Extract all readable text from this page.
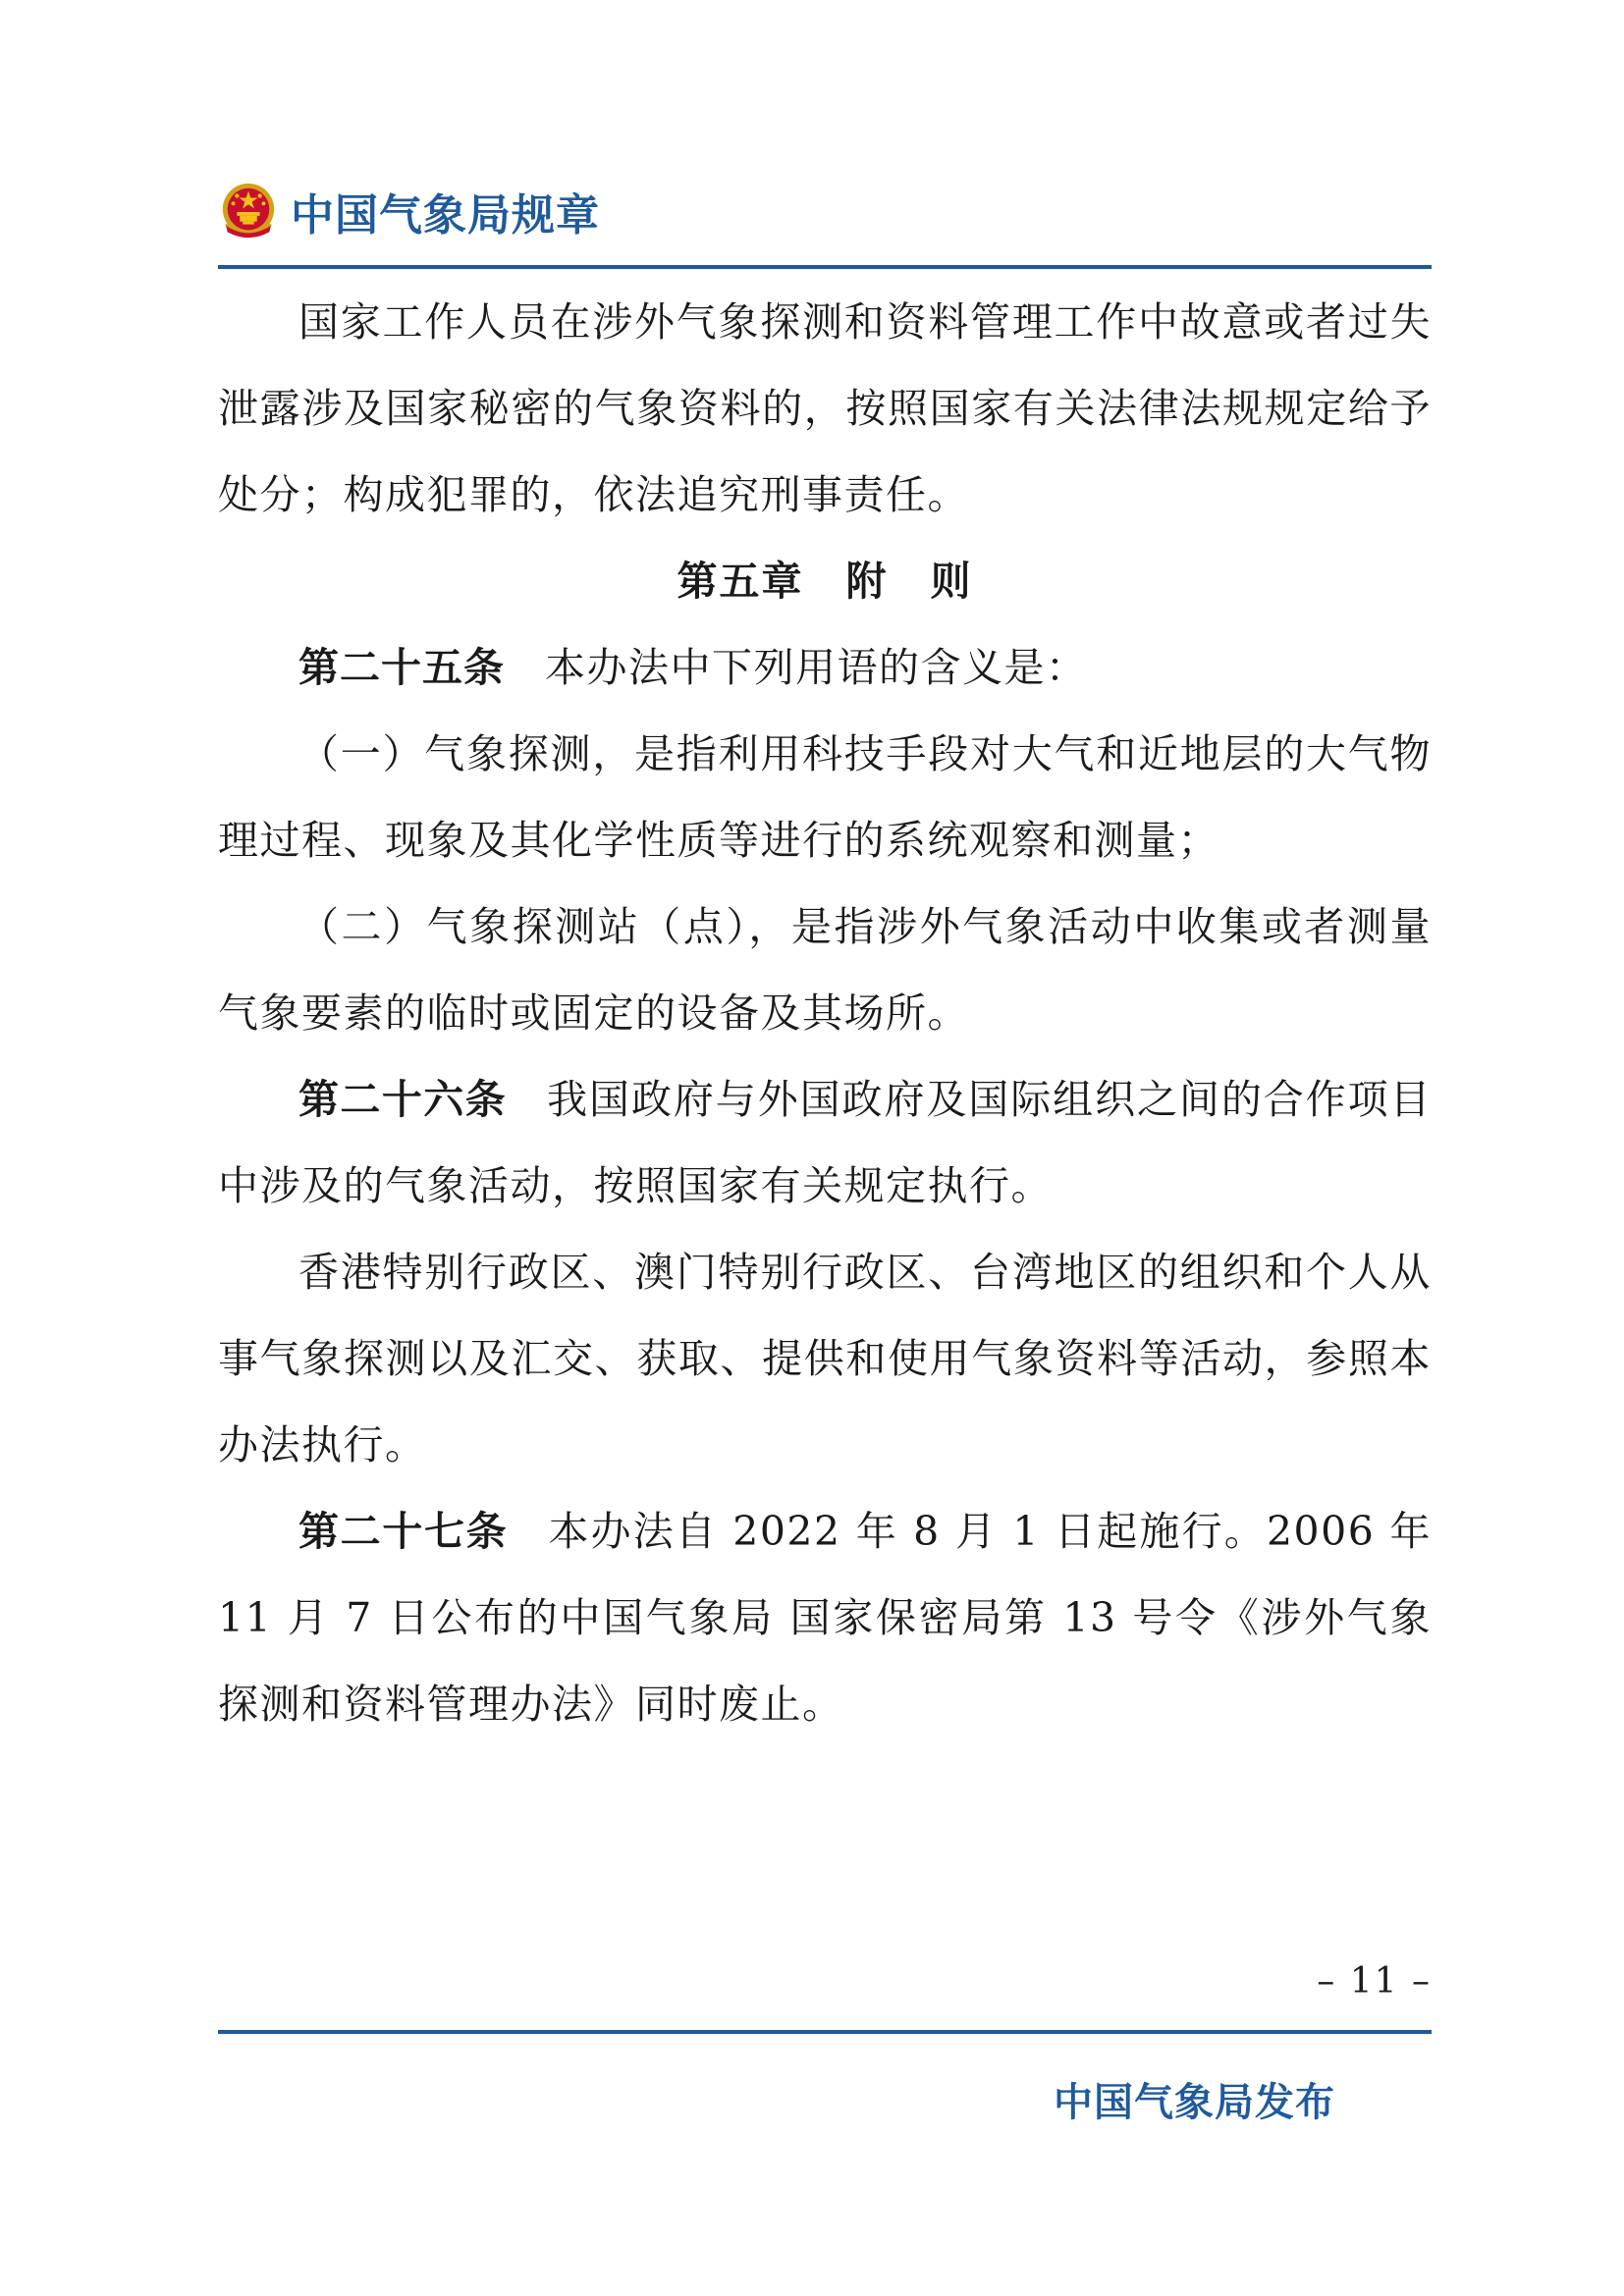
中国气象局规章

国家工作人员在涉外气象探测和资料管理工作中故意或者过失泄露涉及国家秘密的气象资料的，按照国家有关法律法规规定给予处分；构成犯罪的，依法追究刑事责任。

第五章　附　则

第二十五条 本办法中下列用语的含义是：

（一）气象探测，是指利用科技手段对大气和近地层的大气物理过程、现象及其化学性质等进行的系统观察和测量；

（二）气象探测站（点），是指涉外气象活动中收集或者测量气象要素的临时或固定的设备及其场所。

第二十六条 我国政府与外国政府及国际组织之间的合作项目中涉及的气象活动，按照国家有关规定执行。

香港特别行政区、澳门特别行政区、台湾地区的组织和个人从事气象探测以及汇交、获取、提供和使用气象资料等活动，参照本办法执行。

第二十七条 本办法自 2022 年 8 月 1 日起施行。2006 年 11 月 7 日公布的中国气象局 国家保密局第 13 号令《涉外气象探测和资料管理办法》同时废止。

– 11 –
中国气象局发布
